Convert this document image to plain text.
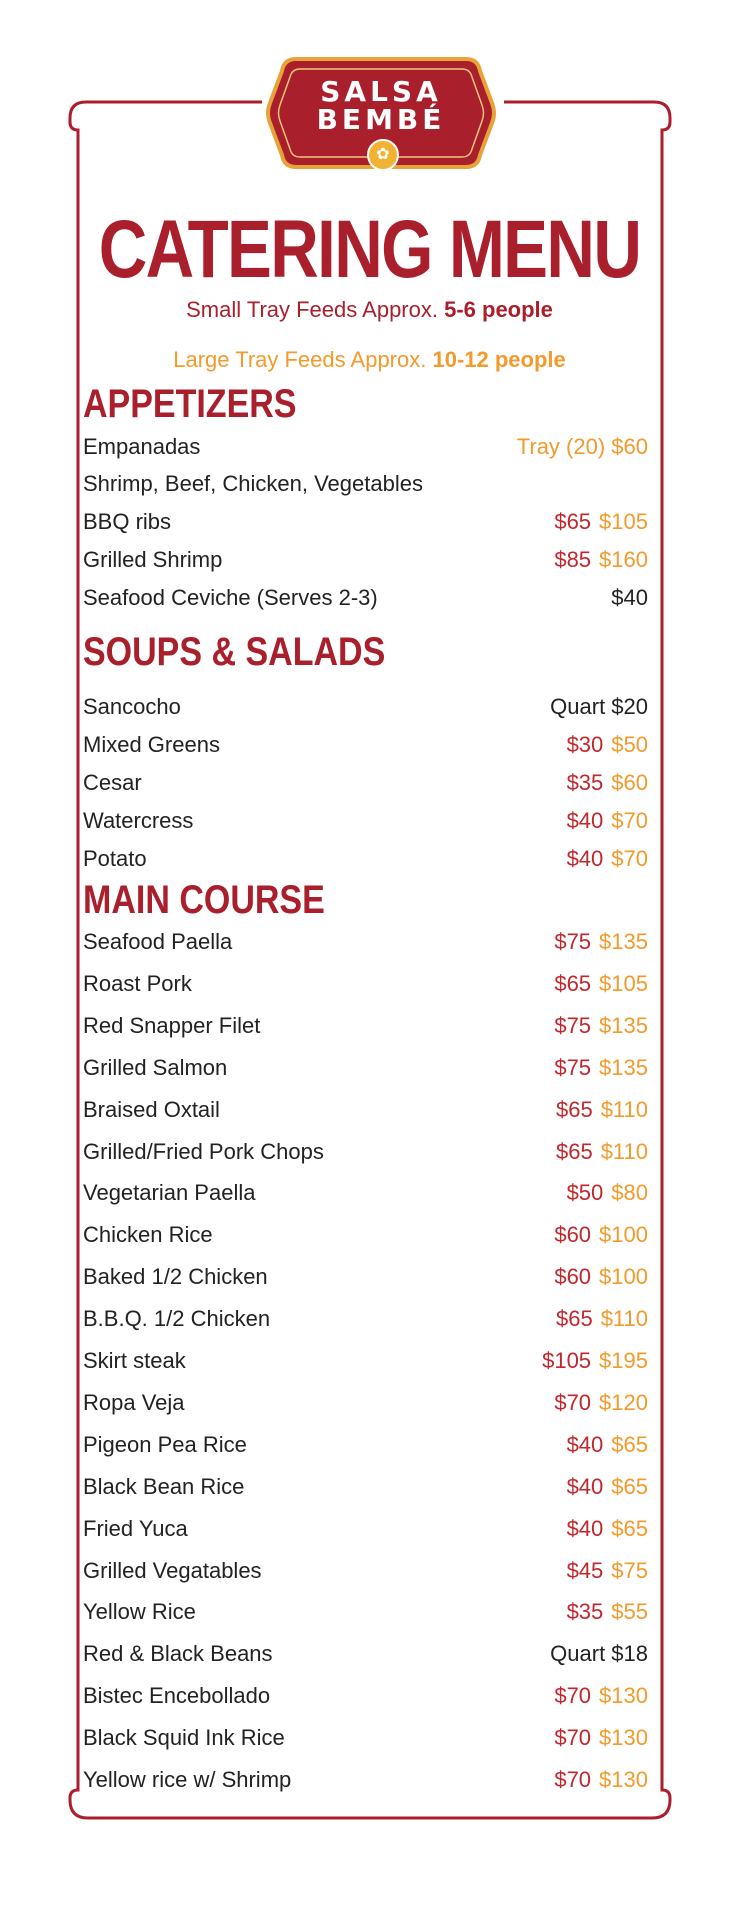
SALSA
BEMBÉ
✿
CATERING MENU
Small Tray Feeds Approx. 5-6 people
Large Tray Feeds Approx. 10-12 people
APPETIZERS
Empanadas	Tray (20) $60
Shrimp, Beef, Chicken, Vegetables
BBQ ribs	$65 $105
Grilled Shrimp	$85 $160
Seafood Ceviche (Serves 2-3)	$40
SOUPS & SALADS
Sancocho	Quart $20
Mixed Greens	$30 $50
Cesar	$35 $60
Watercress	$40 $70
Potato	$40 $70
MAIN COURSE
Seafood Paella	$75 $135
Roast Pork	$65 $105
Red Snapper Filet	$75 $135
Grilled Salmon	$75 $135
Braised Oxtail	$65 $110
Grilled/Fried Pork Chops	$65 $110
Vegetarian Paella	$50 $80
Chicken Rice	$60 $100
Baked 1/2 Chicken	$60 $100
B.B.Q. 1/2 Chicken	$65 $110
Skirt steak	$105 $195
Ropa Veja	$70 $120
Pigeon Pea Rice	$40 $65
Black Bean Rice	$40 $65
Fried Yuca	$40 $65
Grilled Vegatables	$45 $75
Yellow Rice	$35 $55
Red & Black Beans	Quart $18
Bistec Encebollado	$70 $130
Black Squid Ink Rice	$70 $130
Yellow rice w/ Shrimp	$70 $130
